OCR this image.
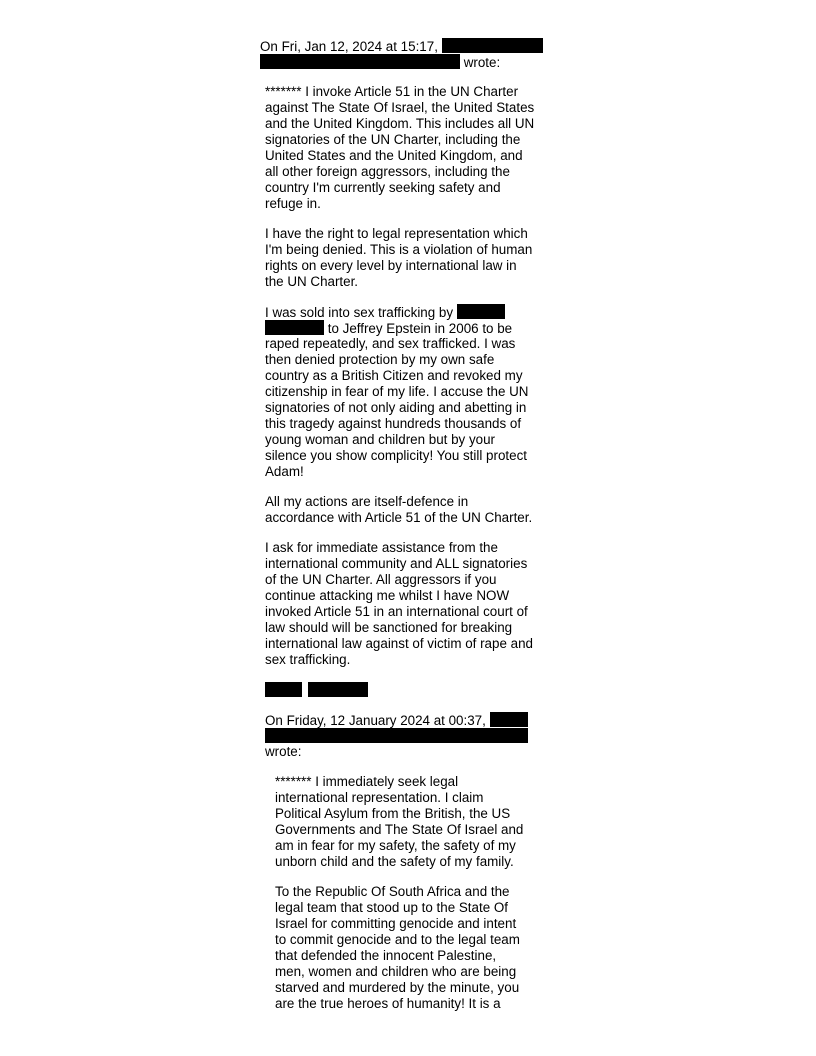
On Fri, Jan 12, 2024 at 15:17,
wrote:

******* I invoke Article 51 in the UN Charter
against The State Of Israel, the United States
and the United Kingdom. This includes all UN
signatories of the UN Charter, including the
United States and the United Kingdom, and
all other foreign aggressors, including the
country I'm currently seeking safety and
refuge in.

I have the right to legal representation which
I'm being denied. This is a violation of human
rights on every level by international law in
the UN Charter.

I was sold into sex trafficking by
to Jeffrey Epstein in 2006 to be

raped repeatedly, and sex trafficked. I was
then denied protection by my own safe
country as a British Citizen and revoked my
citizenship in fear of my life. I accuse the UN
signatories of not only aiding and abetting in
this tragedy against hundreds thousands of
young woman and children but by your
silence you show complicity! You still protect
Adam!

All my actions are itself-defence in
accordance with Article 51 of the UN Charter.

I ask for immediate assistance from the
international community and ALL signatories
of the UN Charter. All aggressors if you
continue attacking me whilst I have NOW
invoked Article 51 in an international court of
law should will be sanctioned for breaking
international law against of victim of rape and
sex trafficking.

On Friday, 12 January 2024 at 00:37,
wrote:

******* I immediately seek legal
international representation. I claim
Political Asylum from the British, the US
Governments and The State Of Israel and
am in fear for my safety, the safety of my
unborn child and the safety of my family.

To the Republic Of South Africa and the
legal team that stood up to the State Of
Israel for committing genocide and intent
to commit genocide and to the legal team
that defended the innocent Palestine,
men, women and children who are being
starved and murdered by the minute, you
are the true heroes of humanity! It is a
